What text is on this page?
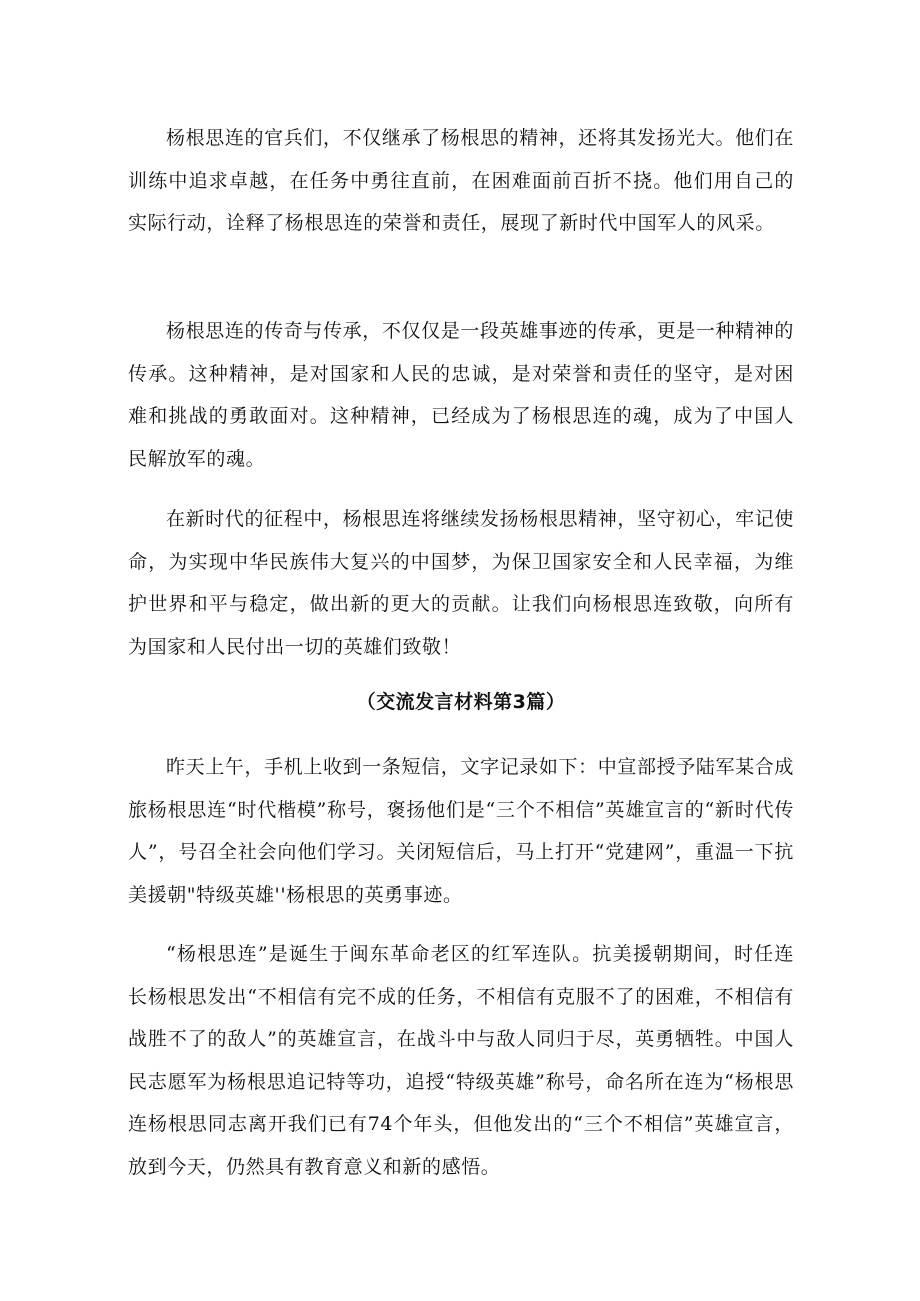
杨根思连的官兵们，不仅继承了杨根思的精神，还将其发扬光大。他们在训练中追求卓越，在任务中勇往直前，在困难面前百折不挠。他们用自己的实际行动，诠释了杨根思连的荣誉和责任，展现了新时代中国军人的风采。

杨根思连的传奇与传承，不仅仅是一段英雄事迹的传承，更是一种精神的传承。这种精神，是对国家和人民的忠诚，是对荣誉和责任的坚守，是对困难和挑战的勇敢面对。这种精神，已经成为了杨根思连的魂，成为了中国人民解放军的魂。

在新时代的征程中，杨根思连将继续发扬杨根思精神，坚守初心，牢记使命，为实现中华民族伟大复兴的中国梦，为保卫国家安全和人民幸福，为维护世界和平与稳定，做出新的更大的贡献。让我们向杨根思连致敬，向所有为国家和人民付出一切的英雄们致敬！

（交流发言材料第3篇）

昨天上午，手机上收到一条短信，文字记录如下：中宣部授予陆军某合成旅杨根思连“时代楷模”称号，褒扬他们是“三个不相信”英雄宣言的“新时代传人”，号召全社会向他们学习。关闭短信后，马上打开“党建网”，重温一下抗美援朝"特级英雄''杨根思的英勇事迹。

“杨根思连”是诞生于闽东革命老区的红军连队。抗美援朝期间，时任连长杨根思发出“不相信有完不成的任务，不相信有克服不了的困难，不相信有战胜不了的敌人”的英雄宣言，在战斗中与敌人同归于尽，英勇牺牲。中国人民志愿军为杨根思追记特等功，追授“特级英雄”称号，命名所在连为“杨根思连杨根思同志离开我们已有74个年头，但他发出的“三个不相信”英雄宣言，放到今天，仍然具有教育意义和新的感悟。
